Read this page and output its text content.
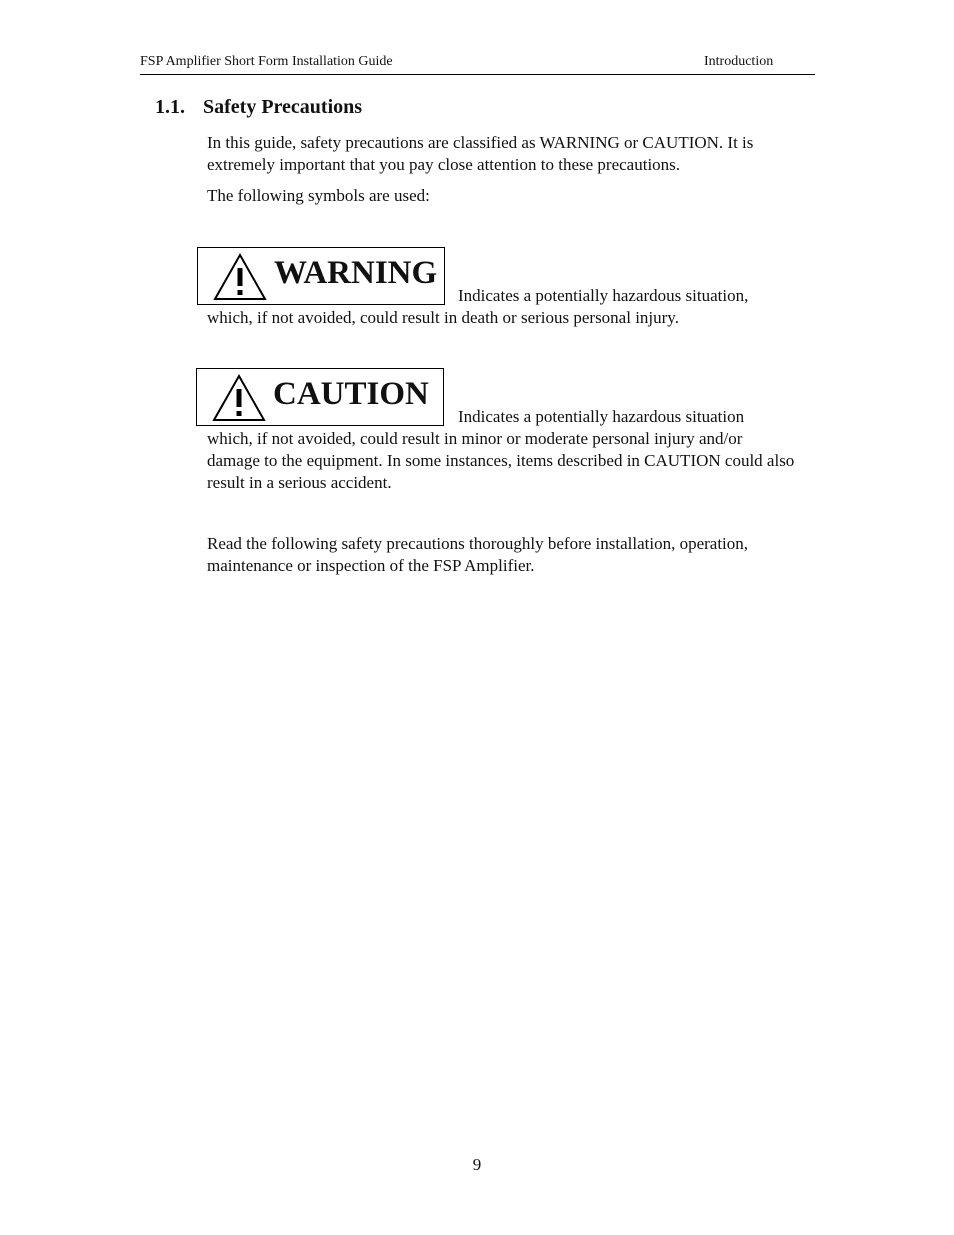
FSP Amplifier Short Form Installation Guide	Introduction
1.1. Safety Precautions
In this guide, safety precautions are classified as WARNING or CAUTION. It is extremely important that you pay close attention to these precautions.
The following symbols are used:
WARNING
Indicates a potentially hazardous situation,
which, if not avoided, could result in death or serious personal injury.
CAUTION
Indicates a potentially hazardous situation
which, if not avoided, could result in minor or moderate personal injury and/or damage to the equipment. In some instances, items described in CAUTION could also result in a serious accident.
Read the following safety precautions thoroughly before installation, operation, maintenance or inspection of the FSP Amplifier.
9
